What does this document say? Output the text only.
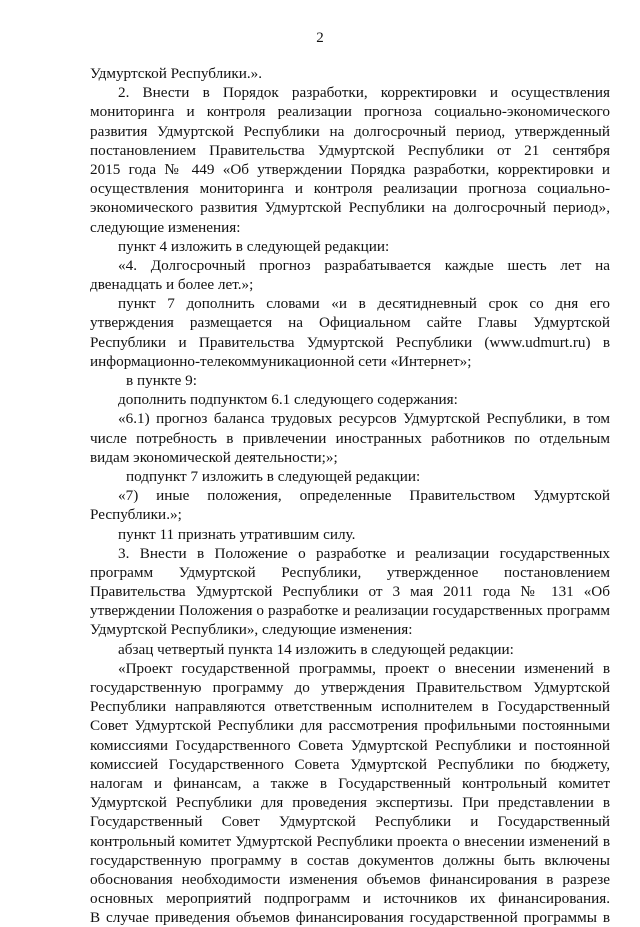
2
Удмуртской Республики.».
2. Внести в Порядок разработки, корректировки и осуществления
мониторинга и контроля реализации прогноза социально-экономического
развития Удмуртской Республики на долгосрочный период, утвержденный
постановлением Правительства Удмуртской Республики от 21 сентября
2015 года № 449 «Об утверждении Порядка разработки, корректировки и
осуществления мониторинга и контроля реализации прогноза социально-
экономического развития Удмуртской Республики на долгосрочный период»,
следующие изменения:
пункт 4 изложить в следующей редакции:
«4. Долгосрочный прогноз разрабатывается каждые шесть лет на
двенадцать и более лет.»;
пункт 7 дополнить словами «и в десятидневный срок со дня его
утверждения размещается на Официальном сайте Главы Удмуртской
Республики и Правительства Удмуртской Республики (www.udmurt.ru) в
информационно-телекоммуникационной сети «Интернет»;
в пункте 9:
дополнить подпунктом 6.1 следующего содержания:
«6.1) прогноз баланса трудовых ресурсов Удмуртской Республики, в том
числе потребность в привлечении иностранных работников по отдельным
видам экономической деятельности;»;
подпункт 7 изложить в следующей редакции:
«7) иные положения, определенные Правительством Удмуртской
Республики.»;
пункт 11 признать утратившим силу.
3. Внести в Положение о разработке и реализации государственных
программ Удмуртской Республики, утвержденное постановлением
Правительства Удмуртской Республики от 3 мая 2011 года № 131 «Об
утверждении Положения о разработке и реализации государственных программ
Удмуртской Республики», следующие изменения:
абзац четвертый пункта 14 изложить в следующей редакции:
«Проект государственной программы, проект о внесении изменений в
государственную программу до утверждения Правительством Удмуртской
Республики направляются ответственным исполнителем в Государственный
Совет Удмуртской Республики для рассмотрения профильными постоянными
комиссиями Государственного Совета Удмуртской Республики и постоянной
комиссией Государственного Совета Удмуртской Республики по бюджету,
налогам и финансам, а также в Государственный контрольный комитет
Удмуртской Республики для проведения экспертизы. При представлении в
Государственный Совет Удмуртской Республики и Государственный
контрольный комитет Удмуртской Республики проекта о внесении изменений в
государственную программу в состав документов должны быть включены
обоснования необходимости изменения объемов финансирования в разрезе
основных мероприятий подпрограмм и источников их финансирования.
В случае приведения объемов финансирования государственной программы в
